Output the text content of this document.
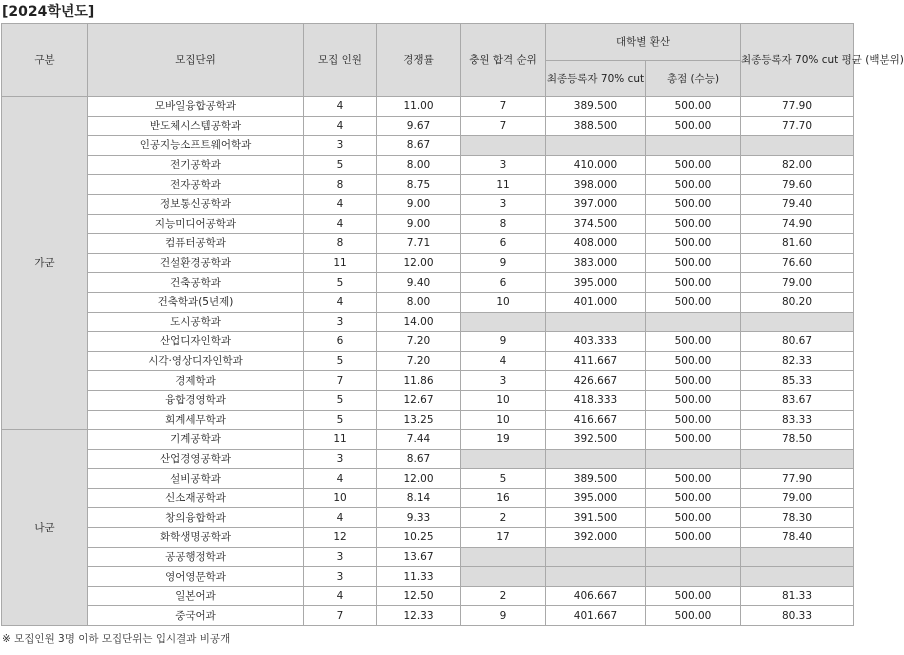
[2024학년도]
구분	모집단위	모집 인원	경쟁률	충원 합격 순위	대학별 환산		최종등록자 70% cut 평균 (백분위)
					최종등록자 70% cut	총점 (수능)	
가군	모바일융합공학과	4	11.00	7	389.500	500.00	77.90
	반도체시스템공학과	4	9.67	7	388.500	500.00	77.70
	인공지능소프트웨어학과	3	8.67				
	전기공학과	5	8.00	3	410.000	500.00	82.00
	전자공학과	8	8.75	11	398.000	500.00	79.60
	정보통신공학과	4	9.00	3	397.000	500.00	79.40
	지능미디어공학과	4	9.00	8	374.500	500.00	74.90
	컴퓨터공학과	8	7.71	6	408.000	500.00	81.60
	건설환경공학과	11	12.00	9	383.000	500.00	76.60
	건축공학과	5	9.40	6	395.000	500.00	79.00
	건축학과(5년제)	4	8.00	10	401.000	500.00	80.20
	도시공학과	3	14.00				
	산업디자인학과	6	7.20	9	403.333	500.00	80.67
	시각·영상디자인학과	5	7.20	4	411.667	500.00	82.33
	경제학과	7	11.86	3	426.667	500.00	85.33
	융합경영학과	5	12.67	10	418.333	500.00	83.67
	회계세무학과	5	13.25	10	416.667	500.00	83.33
나군	기계공학과	11	7.44	19	392.500	500.00	78.50
	산업경영공학과	3	8.67				
	설비공학과	4	12.00	5	389.500	500.00	77.90
	신소재공학과	10	8.14	16	395.000	500.00	79.00
	창의융합학과	4	9.33	2	391.500	500.00	78.30
	화학생명공학과	12	10.25	17	392.000	500.00	78.40
	공공행정학과	3	13.67				
	영어영문학과	3	11.33				
	일본어과	4	12.50	2	406.667	500.00	81.33
	중국어과	7	12.33	9	401.667	500.00	80.33
※ 모집인원 3명 이하 모집단위는 입시결과 비공개
